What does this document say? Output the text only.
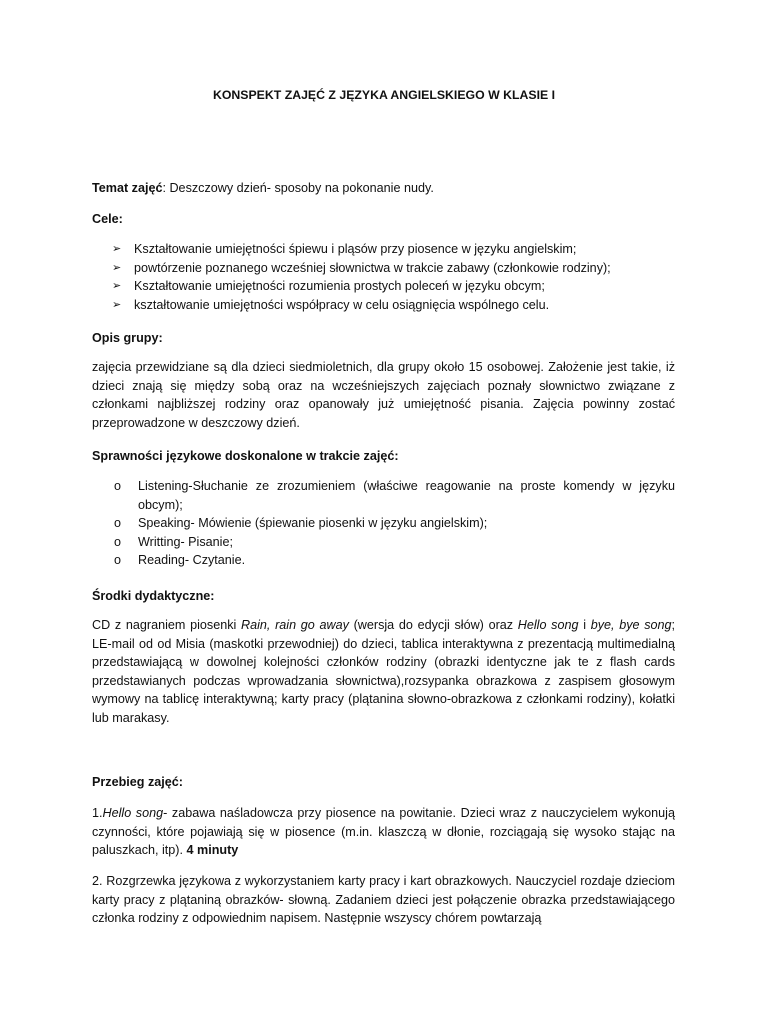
KONSPEKT ZAJĘĆ Z JĘZYKA ANGIELSKIEGO W KLASIE I
Temat zajęć: Deszczowy dzień- sposoby na pokonanie nudy.
Cele:
➢ Kształtowanie umiejętności śpiewu i pląsów przy piosence w języku angielskim;
➢ powtórzenie poznanego wcześniej słownictwa w trakcie zabawy (członkowie rodziny);
➢ Kształtowanie umiejętności rozumienia prostych poleceń w języku obcym;
➢ kształtowanie umiejętności współpracy w celu osiągnięcia wspólnego celu.
Opis grupy:

zajęcia przewidziane są dla dzieci siedmioletnich, dla grupy około 15 osobowej. Założenie jest takie, iż dzieci znają się między sobą oraz na wcześniejszych zajęciach poznały słownictwo związane z członkami najbliższej rodziny oraz opanowały już umiejętność pisania. Zajęcia powinny zostać przeprowadzone w deszczowy dzień.

Sprawności językowe doskonalone w trakcie zajęć:
o Listening-Słuchanie ze zrozumieniem (właściwe reagowanie na proste komendy w języku obcym);
o Speaking- Mówienie (śpiewanie piosenki w języku angielskim);
o Writting- Pisanie;
o Reading- Czytanie.
Środki dydaktyczne:

CD z nagraniem piosenki Rain, rain go away (wersja do edycji słów) oraz Hello song i bye, bye song; LE-mail od od Misia (maskotki przewodniej) do dzieci, tablica interaktywna z prezentacją multimedialną przedstawiającą w dowolnej kolejności członków rodziny (obrazki identyczne jak te z flash cards przedstawianych podczas wprowadzania słownictwa),rozsypanka obrazkowa z zaspisem głosowym wymowy na tablicę interaktywną; karty pracy (plątanina słowno-obrazkowa z członkami rodziny), kołatki lub marakasy.

Przebieg zajęć:

1.Hello song- zabawa naśladowcza przy piosence na powitanie. Dzieci wraz z nauczycielem wykonują czynności, które pojawiają się w piosence (m.in. klaszczą w dłonie, rozciągają się wysoko stając na paluszkach, itp). 4 minuty

2. Rozgrzewka językowa z wykorzystaniem karty pracy i kart obrazkowych. Nauczyciel rozdaje dzieciom karty pracy z plątaniną obrazków- słowną. Zadaniem dzieci jest połączenie obrazka przedstawiającego członka rodziny z odpowiednim napisem. Następnie wszyscy chórem powtarzają
